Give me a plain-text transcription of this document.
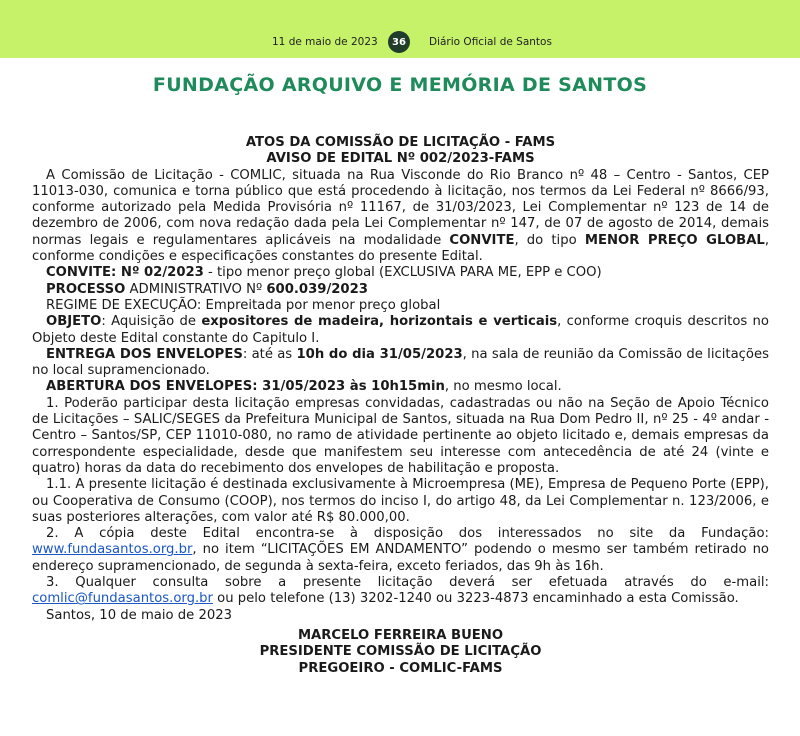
11 de maio de 2023	36	Diário Oficial de Santos
FUNDAÇÃO ARQUIVO E MEMÓRIA DE SANTOS
ATOS DA COMISSÃO DE LICITAÇÃO - FAMS
AVISO DE EDITAL Nº 002/2023-FAMS

A Comissão de Licitação - COMLIC, situada na Rua Visconde do Rio Branco nº 48 – Centro - Santos, CEP 11013-030, comunica e torna público que está procedendo à licitação, nos termos da Lei Federal nº 8666/93, conforme autorizado pela Medida Provisória nº 11167, de 31/03/2023, Lei Complementar nº 123 de 14 de dezembro de 2006, com nova redação dada pela Lei Complementar nº 147, de 07 de agosto de 2014, demais normas legais e regulamentares aplicáveis na modalidade CONVITE, do tipo MENOR PREÇO GLOBAL, conforme condições e especificações constantes do presente Edital.

CONVITE: Nº 02/2023 - tipo menor preço global (EXCLUSIVA PARA ME, EPP e COO)

PROCESSO ADMINISTRATIVO Nº 600.039/2023

REGIME DE EXECUÇÃO: Empreitada por menor preço global

OBJETO: Aquisição de expositores de madeira, horizontais e verticais, conforme croquis descritos no Objeto deste Edital constante do Capitulo I.

ENTREGA DOS ENVELOPES: até as 10h do dia 31/05/2023, na sala de reunião da Comissão de licitações no local supramencionado.

ABERTURA DOS ENVELOPES: 31/05/2023 às 10h15min, no mesmo local.

1. Poderão participar desta licitação empresas convidadas, cadastradas ou não na Seção de Apoio Técnico de Licitações – SALIC/SEGES da Prefeitura Municipal de Santos, situada na Rua Dom Pedro II, nº 25 - 4º andar - Centro – Santos/SP, CEP 11010-080, no ramo de atividade pertinente ao objeto licitado e, demais empresas da correspondente especialidade, desde que manifestem seu interesse com antecedência de até 24 (vinte e quatro) horas da data do recebimento dos envelopes de habilitação e proposta.

1.1. A presente licitação é destinada exclusivamente à Microempresa (ME), Empresa de Pequeno Porte (EPP), ou Cooperativa de Consumo (COOP), nos termos do inciso I, do artigo 48, da Lei Complementar n. 123/2006, e suas posteriores alterações, com valor até R$ 80.000,00.

2. A cópia deste Edital encontra-se à disposição dos interessados no site da Fundação: www.fundasantos.org.br, no item “LICITAÇÕES EM ANDAMENTO” podendo o mesmo ser também retirado no endereço supramencionado, de segunda à sexta-feira, exceto feriados, das 9h às 16h.

3. Qualquer consulta sobre a presente licitação deverá ser efetuada através do e-mail: comlic@fundasantos.org.br ou pelo telefone (13) 3202-1240 ou 3223-4873 encaminhado a esta Comissão.

Santos, 10 de maio de 2023

MARCELO FERREIRA BUENO
PRESIDENTE COMISSÃO DE LICITAÇÃO
PREGOEIRO - COMLIC-FAMS
